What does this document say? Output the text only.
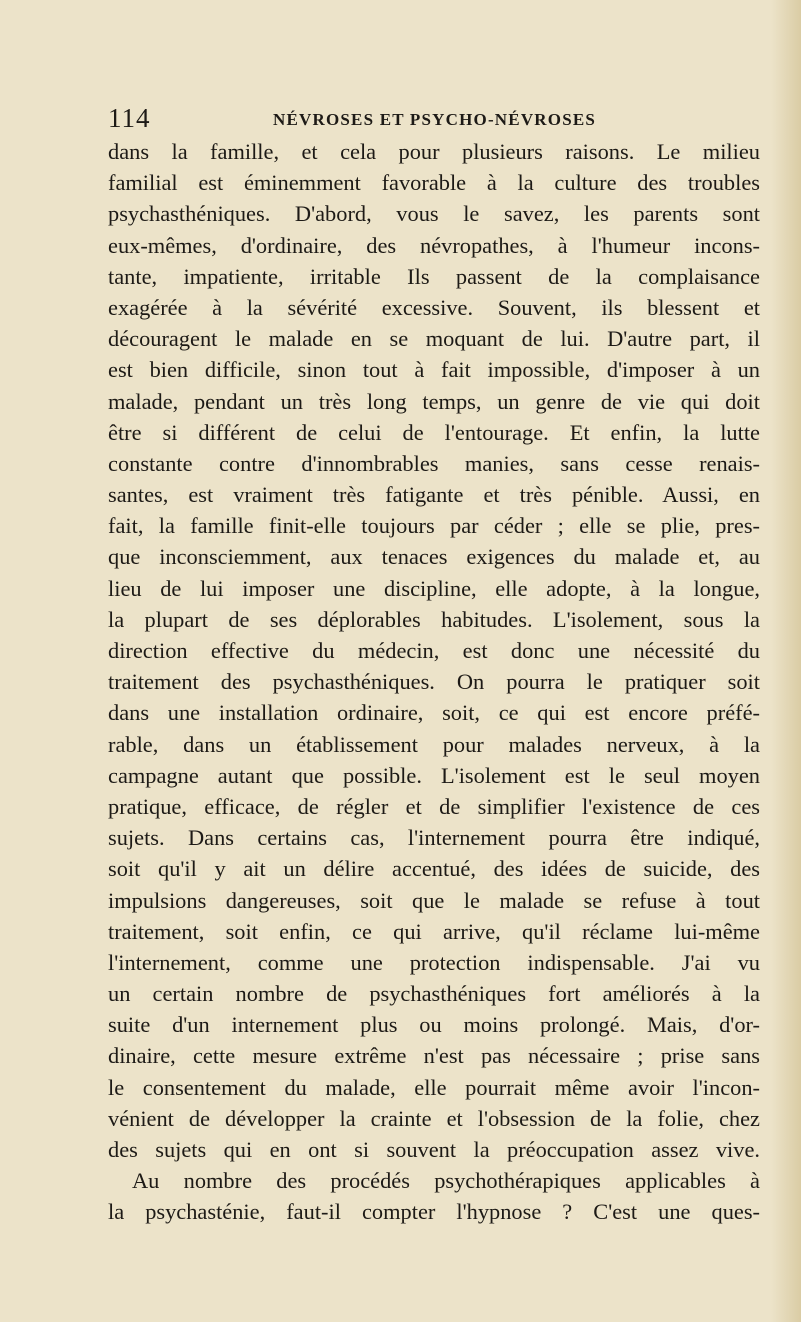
114	NÉVROSES ET PSYCHO-NÉVROSES
dans la famille, et cela pour plusieurs raisons. Le milieu
familial est éminemment favorable à la culture des troubles
psychasthéniques. D'abord, vous le savez, les parents sont
eux-mêmes, d'ordinaire, des névropathes, à l'humeur incons-
tante, impatiente, irritable Ils passent de la complaisance
exagérée à la sévérité excessive. Souvent, ils blessent et
découragent le malade en se moquant de lui. D'autre part, il
est bien difficile, sinon tout à fait impossible, d'imposer à un
malade, pendant un très long temps, un genre de vie qui doit
être si différent de celui de l'entourage. Et enfin, la lutte
constante contre d'innombrables manies, sans cesse renais-
santes, est vraiment très fatigante et très pénible. Aussi, en
fait, la famille finit-elle toujours par céder ; elle se plie, pres-
que inconsciemment, aux tenaces exigences du malade et, au
lieu de lui imposer une discipline, elle adopte, à la longue,
la plupart de ses déplorables habitudes. L'isolement, sous la
direction effective du médecin, est donc une nécessité du
traitement des psychasthéniques. On pourra le pratiquer soit
dans une installation ordinaire, soit, ce qui est encore préfé-
rable, dans un établissement pour malades nerveux, à la
campagne autant que possible. L'isolement est le seul moyen
pratique, efficace, de régler et de simplifier l'existence de ces
sujets. Dans certains cas, l'internement pourra être indiqué,
soit qu'il y ait un délire accentué, des idées de suicide, des
impulsions dangereuses, soit que le malade se refuse à tout
traitement, soit enfin, ce qui arrive, qu'il réclame lui-même
l'internement, comme une protection indispensable. J'ai vu
un certain nombre de psychasthéniques fort améliorés à la
suite d'un internement plus ou moins prolongé. Mais, d'or-
dinaire, cette mesure extrême n'est pas nécessaire ; prise sans
le consentement du malade, elle pourrait même avoir l'incon-
vénient de développer la crainte et l'obsession de la folie, chez
des sujets qui en ont si souvent la préoccupation assez vive.
Au nombre des procédés psychothérapiques applicables à
la psychasténie, faut-il compter l'hypnose ? C'est une ques-
